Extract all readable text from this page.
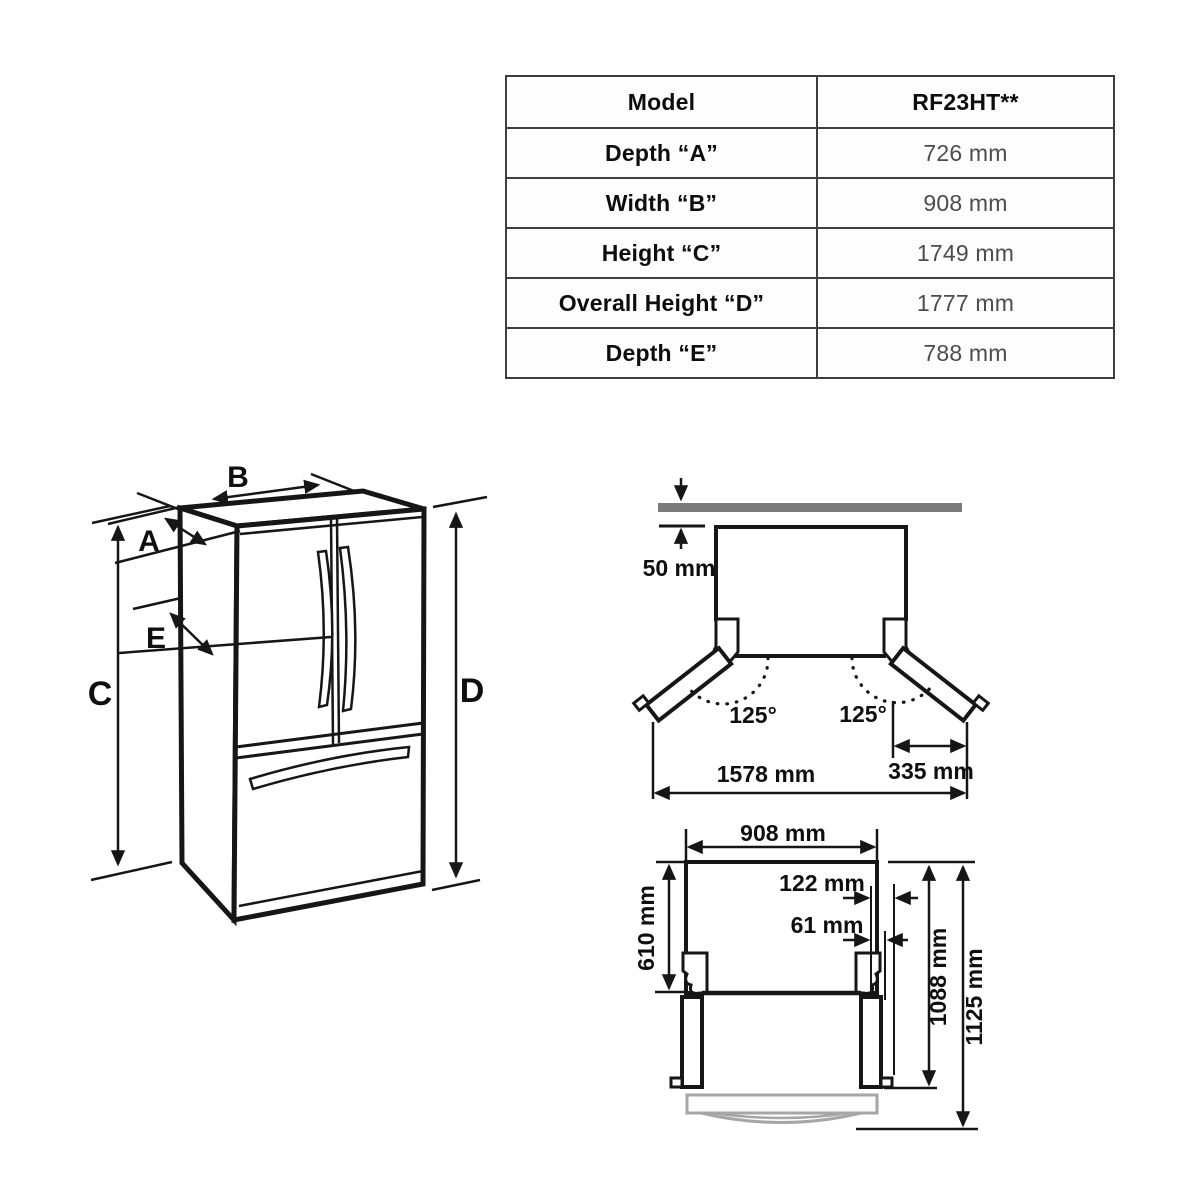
Model	RF23HT**
Depth “A”	726 mm
Width “B”	908 mm
Height “C”	1749 mm
Overall Height “D”	1777 mm
Depth “E”	788 mm
B
A
E
C	D
50 mm
125°	125°
1578 mm	335 mm
908 mm
610 mm
122 mm
61 mm
1088 mm 1125 mm
